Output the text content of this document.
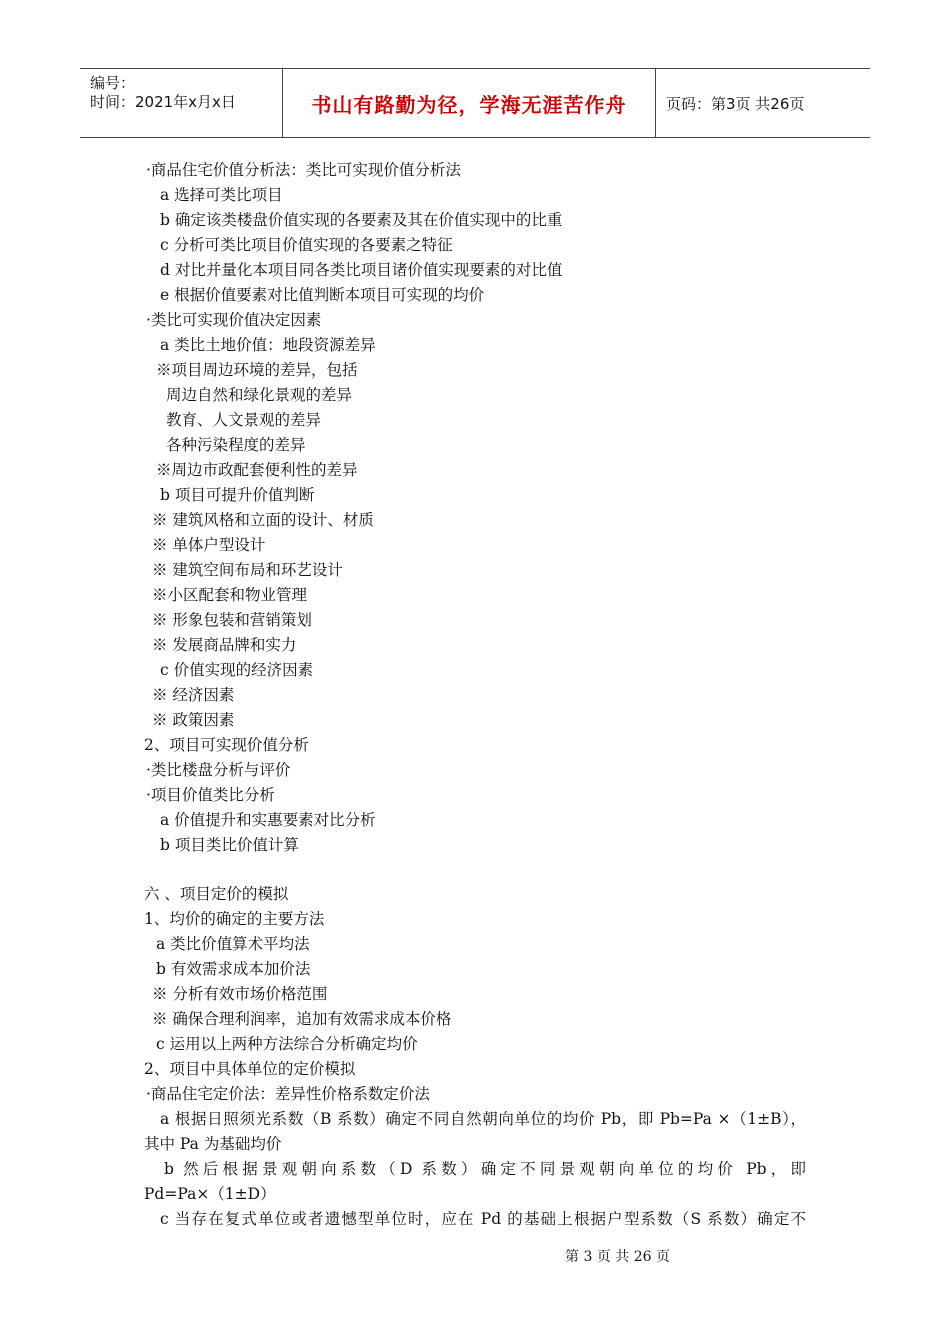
编号：
时间：2021年x月x日	书山有路勤为径，学海无涯苦作舟	页码：第3页 共26页
·商品住宅价值分析法：类比可实现价值分析法
a 选择可类比项目
b 确定该类楼盘价值实现的各要素及其在价值实现中的比重
c 分析可类比项目价值实现的各要素之特征
d 对比并量化本项目同各类比项目诸价值实现要素的对比值
e 根据价值要素对比值判断本项目可实现的均价
·类比可实现价值决定因素
a 类比土地价值：地段资源差异
※项目周边环境的差异，包括
周边自然和绿化景观的差异
教育、人文景观的差异
各种污染程度的差异
※周边市政配套便利性的差异
b 项目可提升价值判断
※ 建筑风格和立面的设计、材质
※ 单体户型设计
※ 建筑空间布局和环艺设计
※小区配套和物业管理
※ 形象包装和营销策划
※ 发展商品牌和实力
c 价值实现的经济因素
※ 经济因素
※ 政策因素
2、项目可实现价值分析
·类比楼盘分析与评价
·项目价值类比分析
a 价值提升和实惠要素对比分析
b 项目类比价值计算
六 、项目定价的模拟
1、均价的确定的主要方法
a 类比价值算术平均法
b 有效需求成本加价法
※ 分析有效市场价格范围
※ 确保合理利润率，追加有效需求成本价格
c 运用以上两种方法综合分析确定均价
2、项目中具体单位的定价模拟
·商品住宅定价法：差异性价格系数定价法
a 根据日照须光系数（B 系数）确定不同自然朝向单位的均价 Pb，即 Pb=Pa ×（1±B），
其中 Pa 为基础均价
b 然后根据景观朝向系数（D 系数）确定不同景观朝向单位的均价 Pb，即
Pd=Pa×（1±D）
c 当存在复式单位或者遗憾型单位时，应在 Pd 的基础上根据户型系数（S 系数）确定不
第 3 页 共 26 页
